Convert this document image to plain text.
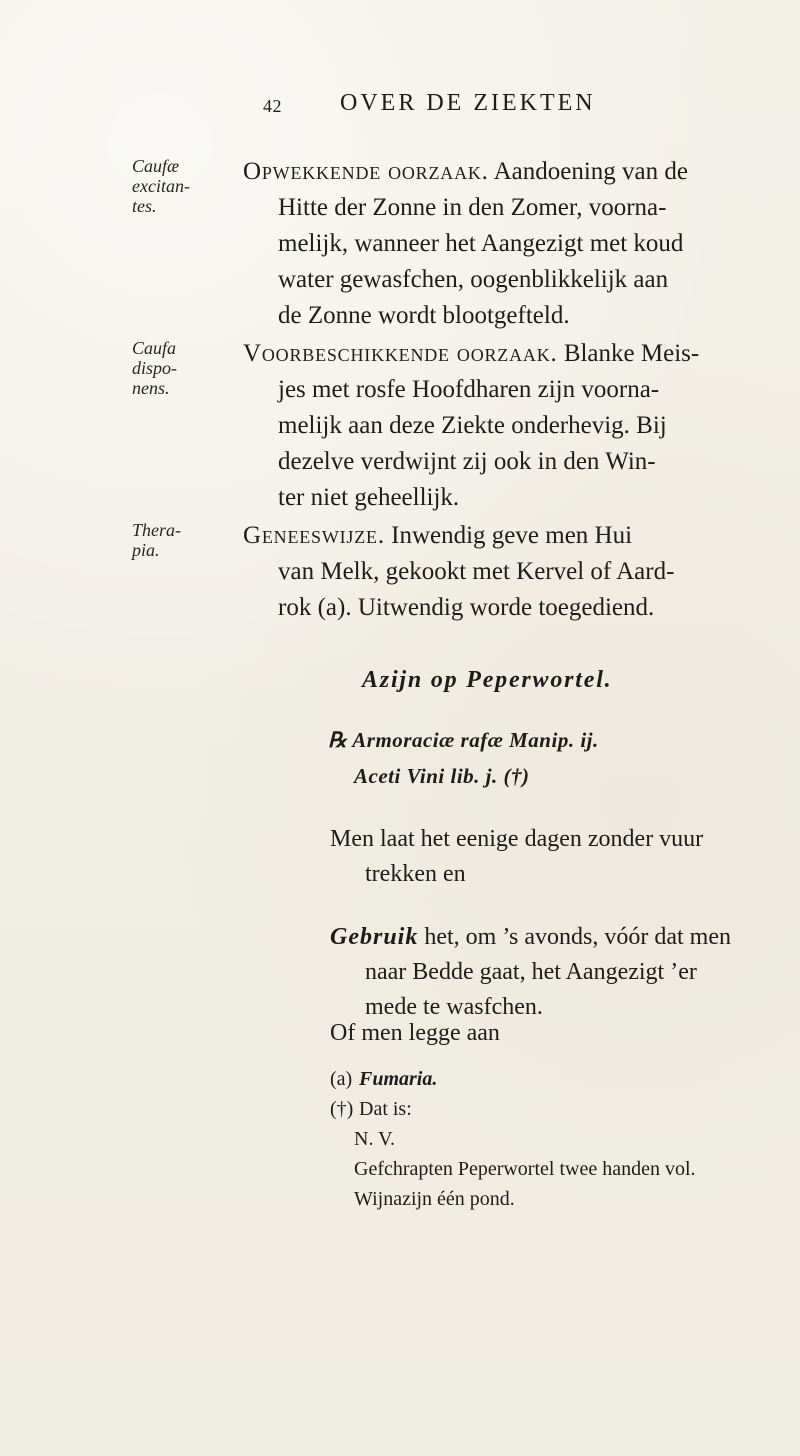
42 OVER DE ZIEKTEN
Caufæ
excitan-
tes.
Caufa
dispo-
nens.
Thera-
pia.
Opwekkende oorzaak. Aandoening van de
Hitte der Zonne in den Zomer, voorna-
melijk, wanneer het Aangezigt met koud
water gewasfchen, oogenblikkelijk aan
de Zonne wordt blootgefteld.
Voorbeschikkende oorzaak. Blanke Meis-
jes met rosfe Hoofdharen zijn voorna-
melijk aan deze Ziekte onderhevig. Bij
dezelve verdwijnt zij ook in den Win-
ter niet geheellijk.
Geneeswijze. Inwendig geve men Hui
van Melk, gekookt met Kervel of Aard-
rok (a). Uitwendig worde toegediend.
Azijn op Peperwortel.
℞ Armoraciæ rafæ Manip. ij.
Aceti Vini lib. j. (†)
Men laat het eenige dagen zonder vuur
trekken en
Gebruik het, om ’s avonds, vóór dat men
naar Bedde gaat, het Aangezigt ’er
mede te wasfchen.
Of men legge aan
(a) Fumaria.
(†) Dat is:
N. V.
Gefchrapten Peperwortel twee handen vol.
Wijnazijn één pond.
